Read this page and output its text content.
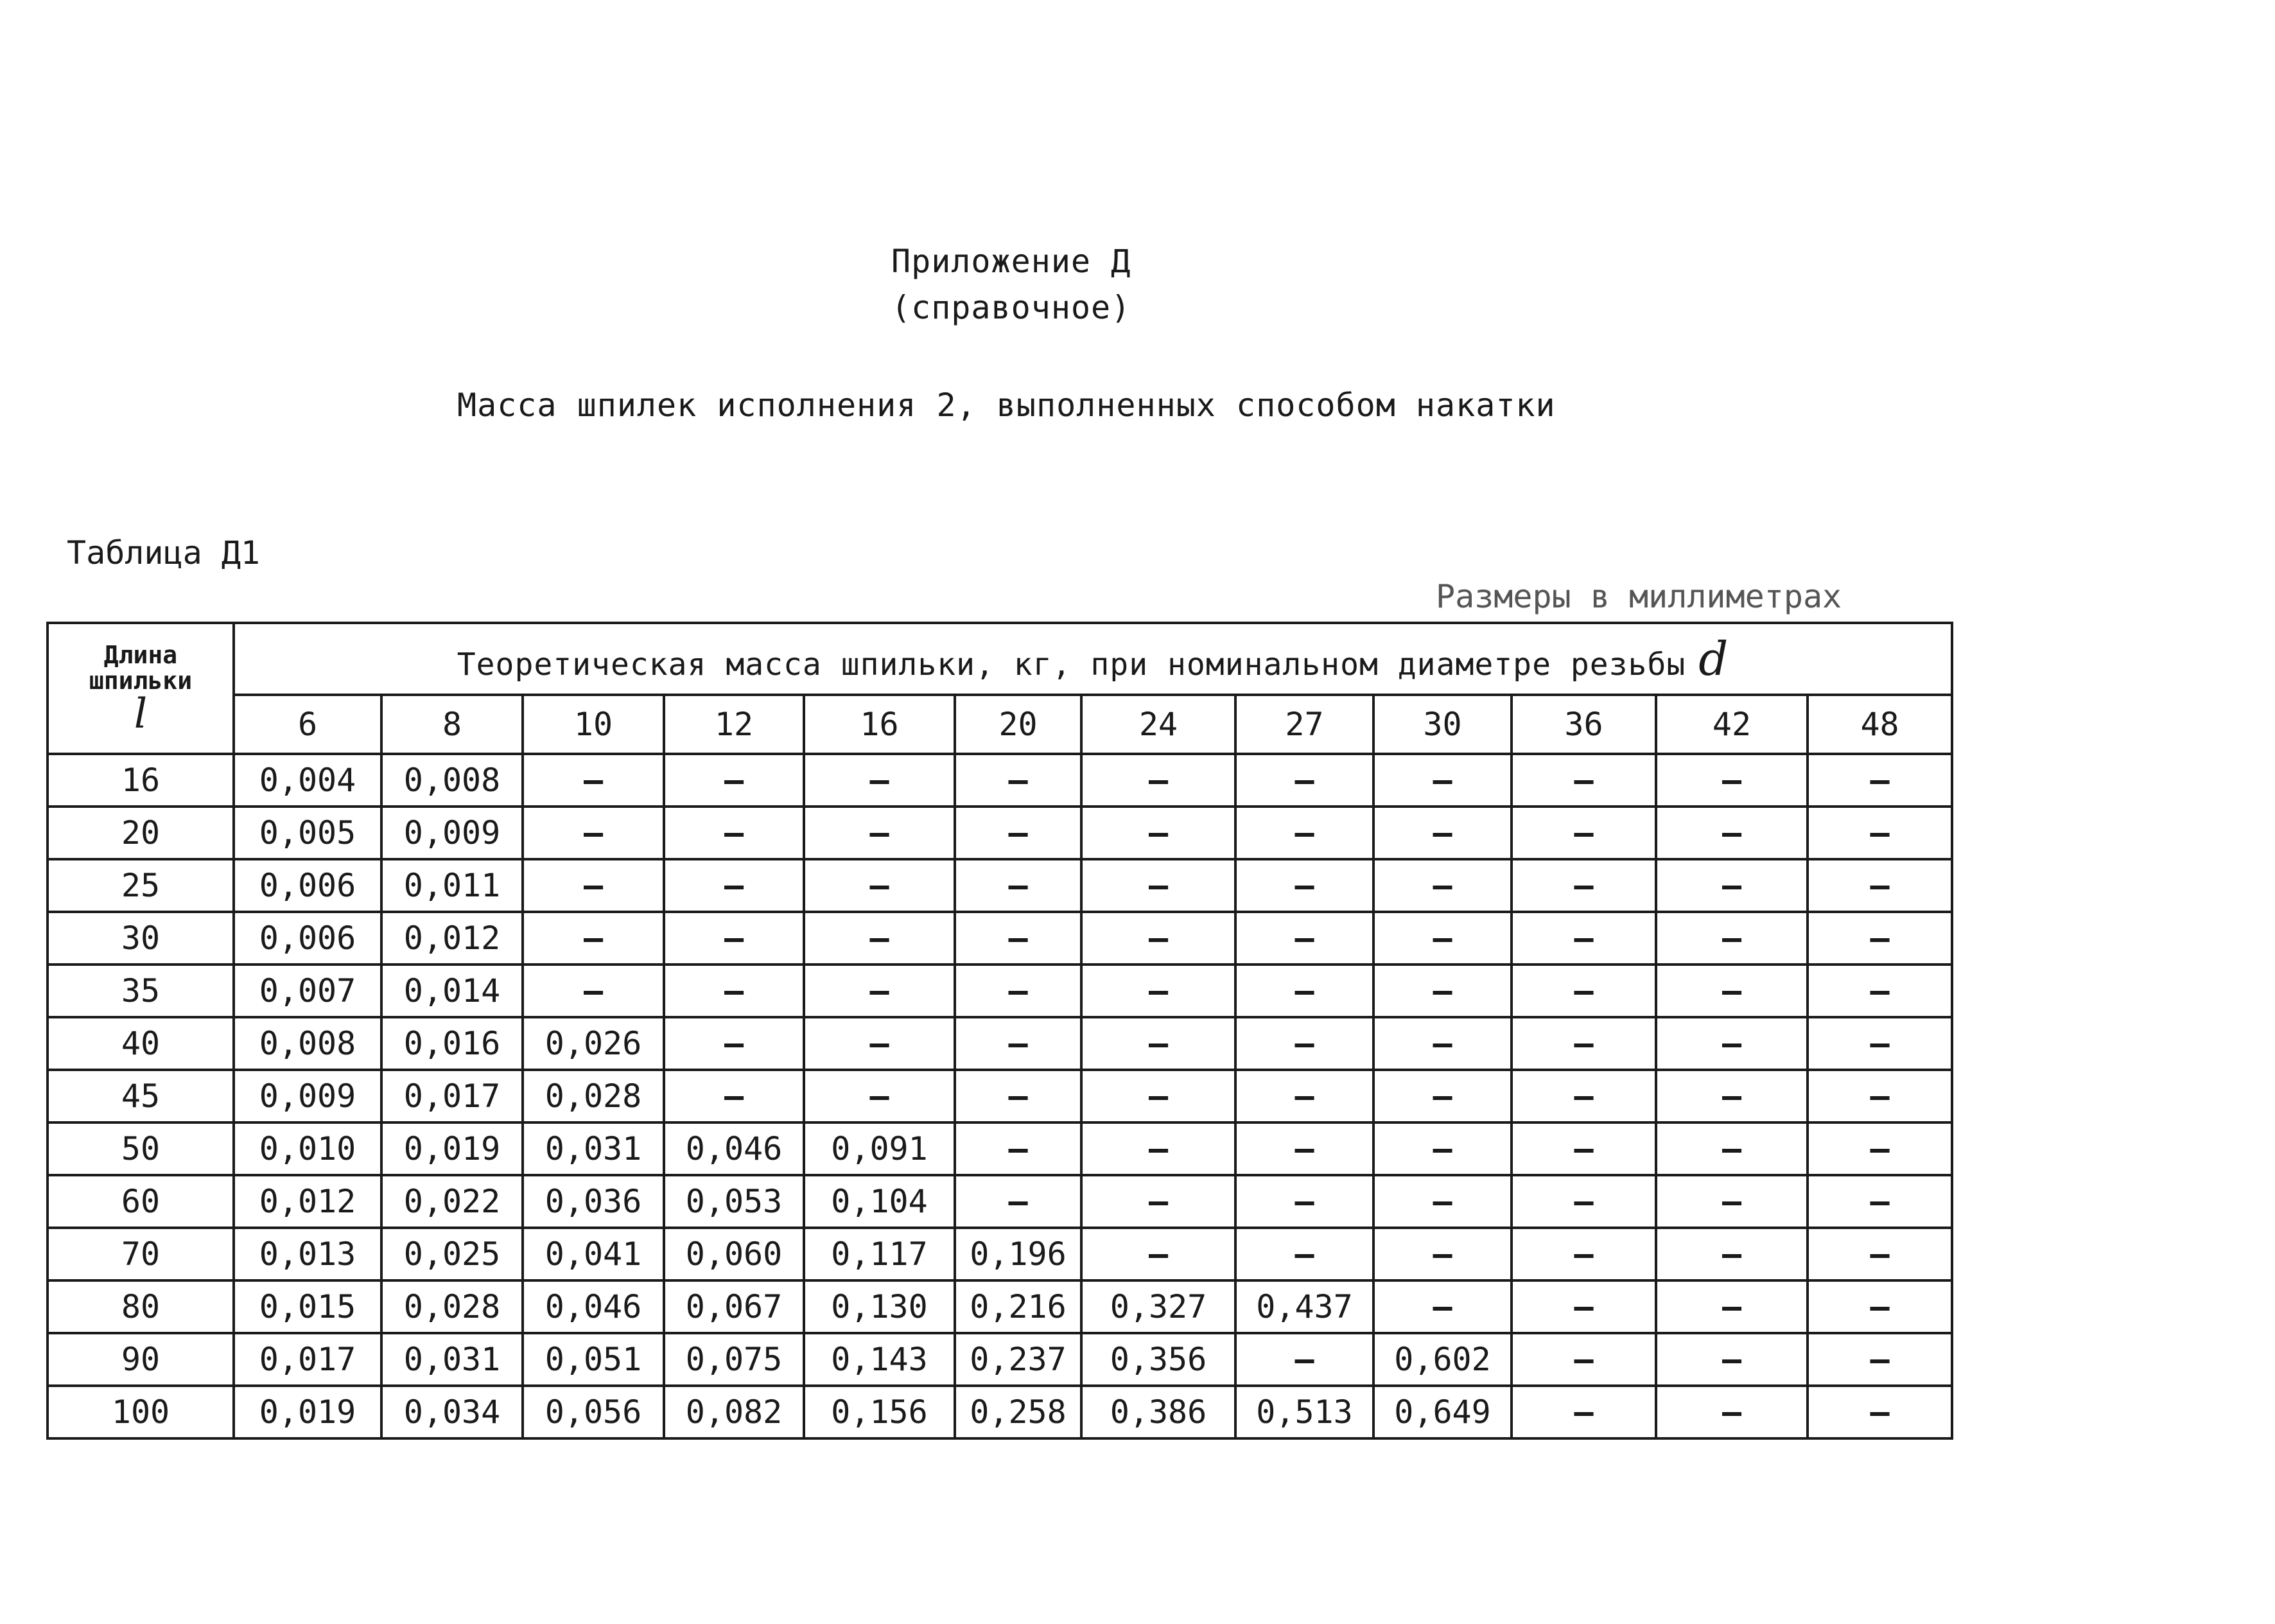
Приложение Д
(справочное)
Масса шпилек исполнения 2, выполненных способом накатки
Таблица Д1
Размеры в миллиметрах
Длина
шпильки
l	Теоретическая масса шпильки, кг, при номинальном диаметре резьбы d											
	6	8	10	12	16	20	24	27	30	36	42	48
16	0,004	0,008	–	–	–	–	–	–	–	–	–	–
20	0,005	0,009	–	–	–	–	–	–	–	–	–	–
25	0,006	0,011	–	–	–	–	–	–	–	–	–	–
30	0,006	0,012	–	–	–	–	–	–	–	–	–	–
35	0,007	0,014	–	–	–	–	–	–	–	–	–	–
40	0,008	0,016	0,026	–	–	–	–	–	–	–	–	–
45	0,009	0,017	0,028	–	–	–	–	–	–	–	–	–
50	0,010	0,019	0,031	0,046	0,091	–	–	–	–	–	–	–
60	0,012	0,022	0,036	0,053	0,104	–	–	–	–	–	–	–
70	0,013	0,025	0,041	0,060	0,117	0,196	–	–	–	–	–	–
80	0,015	0,028	0,046	0,067	0,130	0,216	0,327	0,437	–	–	–	–
90	0,017	0,031	0,051	0,075	0,143	0,237	0,356	–	0,602	–	–	–
100	0,019	0,034	0,056	0,082	0,156	0,258	0,386	0,513	0,649	–	–	–
